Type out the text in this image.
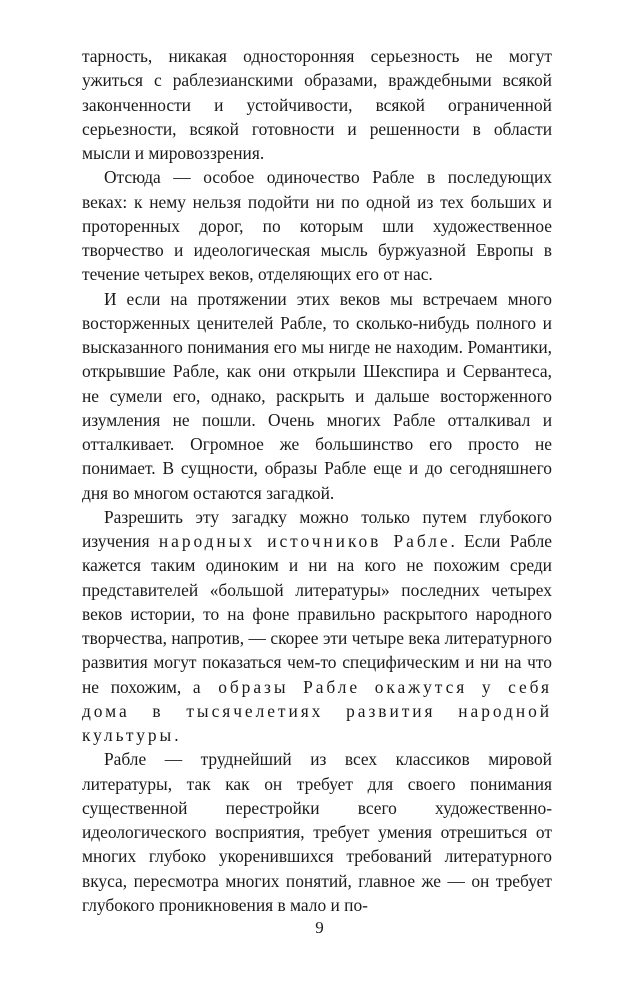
тарность, никакая односторонняя серьезность не могут ужиться с раблезианскими образами, враждебными всякой законченности и устойчивости, всякой ограниченной серьезности, всякой готовности и решенности в области мысли и мировоззрения.

Отсюда — особое одиночество Рабле в последующих веках: к нему нельзя подойти ни по одной из тех больших и проторенных дорог, по которым шли художественное творчество и идеологическая мысль буржуазной Европы в течение четырех веков, отделяющих его от нас.

И если на протяжении этих веков мы встречаем много восторженных ценителей Рабле, то сколько-нибудь полного и высказанного понимания его мы нигде не находим. Романтики, открывшие Рабле, как они открыли Шекспира и Сервантеса, не сумели его, однако, раскрыть и дальше восторженного изумления не пошли. Очень многих Рабле отталкивал и отталкивает. Огромное же большинство его просто не понимает. В сущности, образы Рабле еще и до сегодняшнего дня во многом остаются загадкой.

Разрешить эту загадку можно только путем глубокого изучения народных источников Рабле. Если Рабле кажется таким одиноким и ни на кого не похожим среди представителей «большой литературы» последних четырех веков истории, то на фоне правильно раскрытого народного творчества, напротив, — скорее эти четыре века литературного развития могут показаться чем-то специфическим и ни на что не похожим, а образы Рабле окажутся у себя дома в тысячелетиях развития народной культуры.

Рабле — труднейший из всех классиков мировой литературы, так как он требует для своего понимания существенной перестройки всего художественно-идеологического восприятия, требует умения отрешиться от многих глубоко укоренившихся требований литературного вкуса, пересмотра многих понятий, главное же — он требует глубокого проникновения в мало и по-

9
